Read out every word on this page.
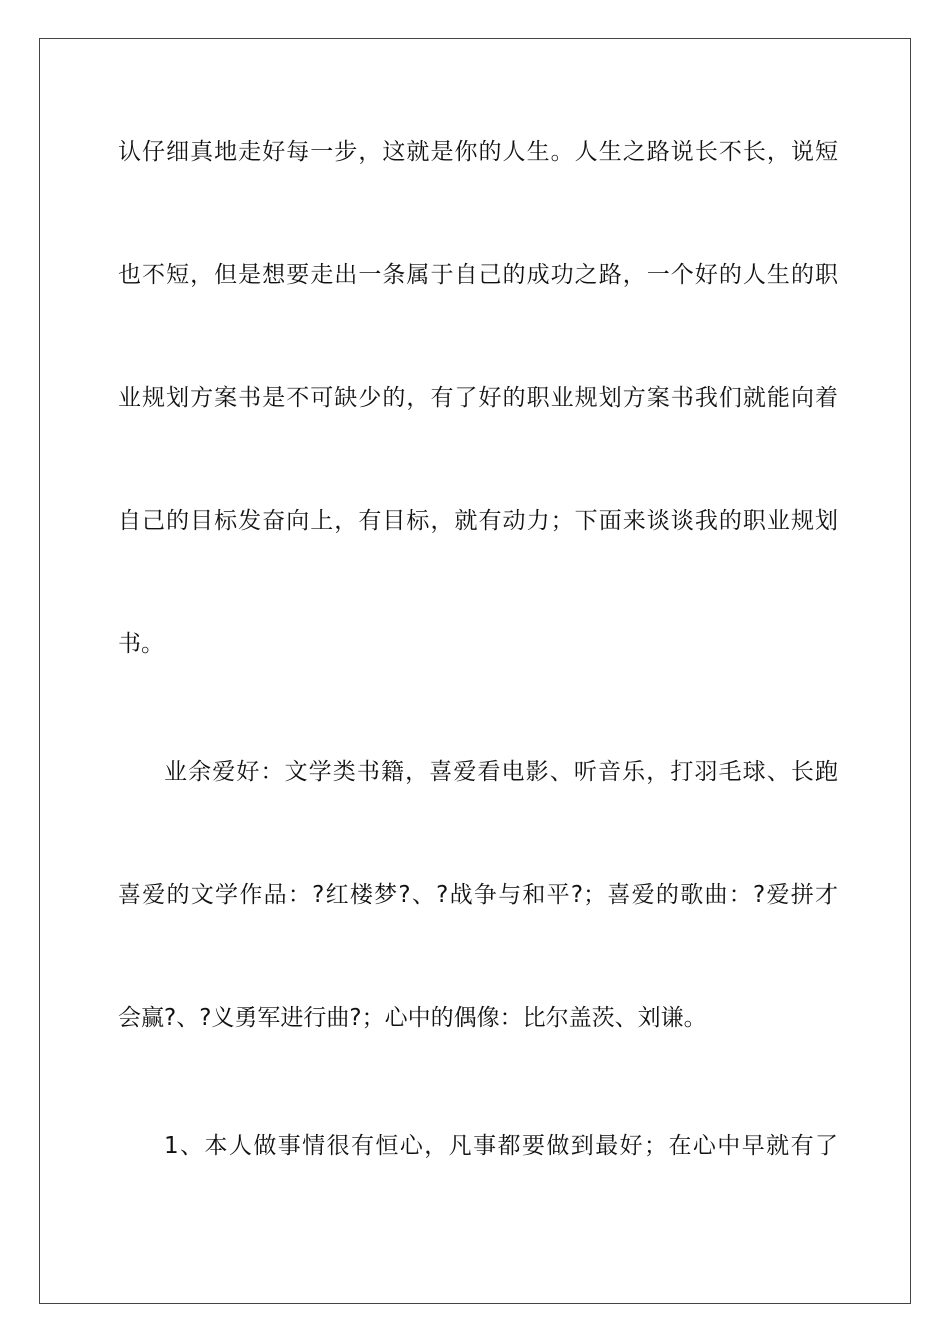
认仔细真地走好每一步，这就是你的人生。人生之路说长不长，说短
也不短，但是想要走出一条属于自己的成功之路，一个好的人生的职
业规划方案书是不可缺少的，有了好的职业规划方案书我们就能向着
自己的目标发奋向上，有目标，就有动力；下面来谈谈我的职业规划
书。
业余爱好：文学类书籍，喜爱看电影、听音乐，打羽毛球、长跑
喜爱的文学作品：?红楼梦?、?战争与和平?；喜爱的歌曲：?爱拼才
会赢?、?义勇军进行曲?；心中的偶像：比尔盖茨、刘谦。
1、本人做事情很有恒心，凡事都要做到最好；在心中早就有了
